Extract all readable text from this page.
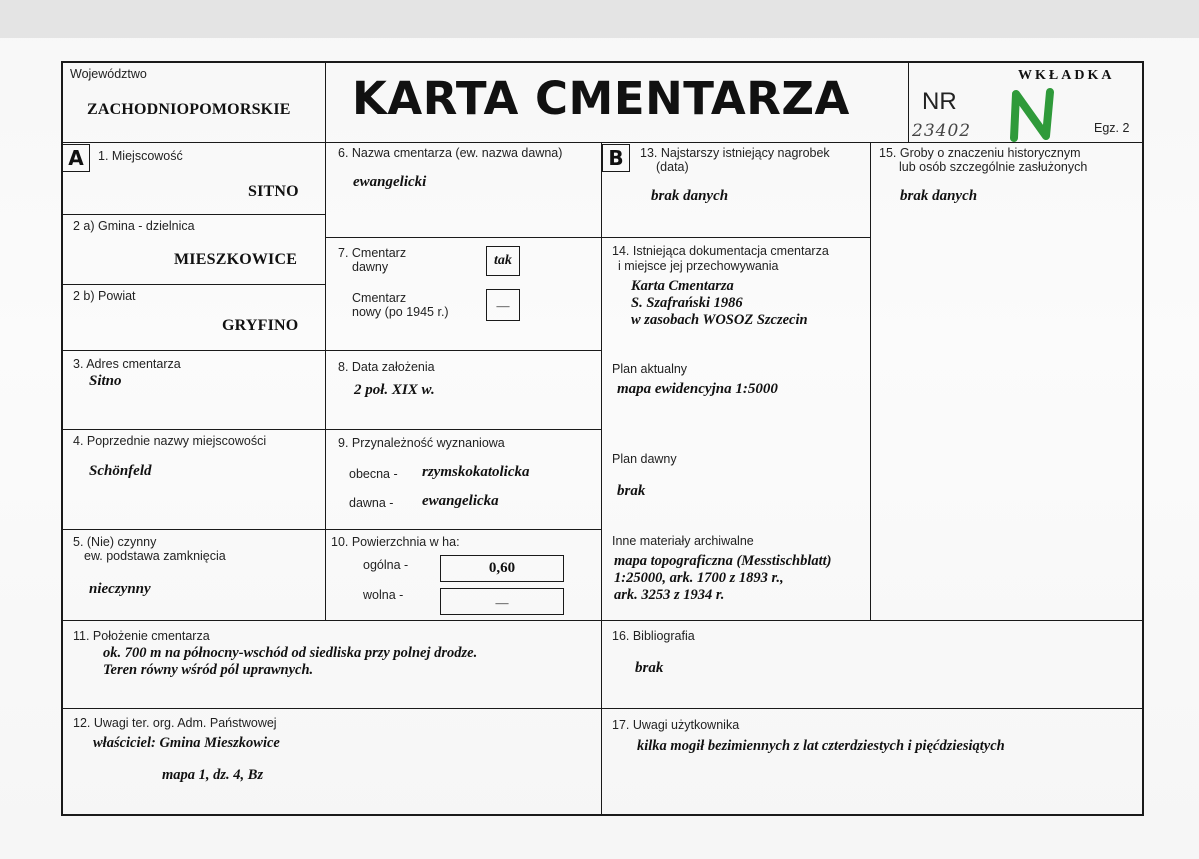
Województwo
ZACHODNIOPOMORSKIE KARTA CMENTARZA	WKŁADKA
NR
23402	Egz. 2
A	1. Miejscowość
SITNO
2 a) Gmina - dzielnica
MIESZKOWICE
2 b) Powiat
GRYFINO
3. Adres cmentarza
Sitno
4. Poprzednie nazwy miejscowości
Schönfeld
5. (Nie) czynny
ew. podstawa zamknięcia
nieczynny
6. Nazwa cmentarza (ew. nazwa dawna)
ewangelicki
7. Cmentarz
dawny	tak
Cmentarz
nowy (po 1945 r.)	—
8. Data założenia
2 poł. XIX w.
9. Przynależność wyznaniowa
obecna - rzymskokatolicka
dawna - ewangelicka
10. Powierzchnia w ha:
ogólna -	0,60
wolna -	—
B	13. Najstarszy istniejący nagrobek
(data)
brak danych
14. Istniejąca dokumentacja cmentarza
i miejsce jej przechowywania
Karta Cmentarza
S. Szafrański 1986
w zasobach WOSOZ Szczecin
Plan aktualny
mapa ewidencyjna 1:5000
Plan dawny
brak
Inne materiały archiwalne
mapa topograficzna (Messtischblatt)
1:25000, ark. 1700 z 1893 r.,
ark. 3253 z 1934 r.
15. Groby o znaczeniu historycznym
lub osób szczególnie zasłużonych
brak danych
11. Położenie cmentarza
ok. 700 m na północny-wschód od siedliska przy polnej drodze.
Teren równy wśród pól uprawnych.
16. Bibliografia
brak
12. Uwagi ter. org. Adm. Państwowej
właściciel: Gmina Mieszkowice
mapa 1, dz. 4, Bz
17. Uwagi użytkownika
kilka mogił bezimiennych z lat czterdziestych i pięćdziesiątych
